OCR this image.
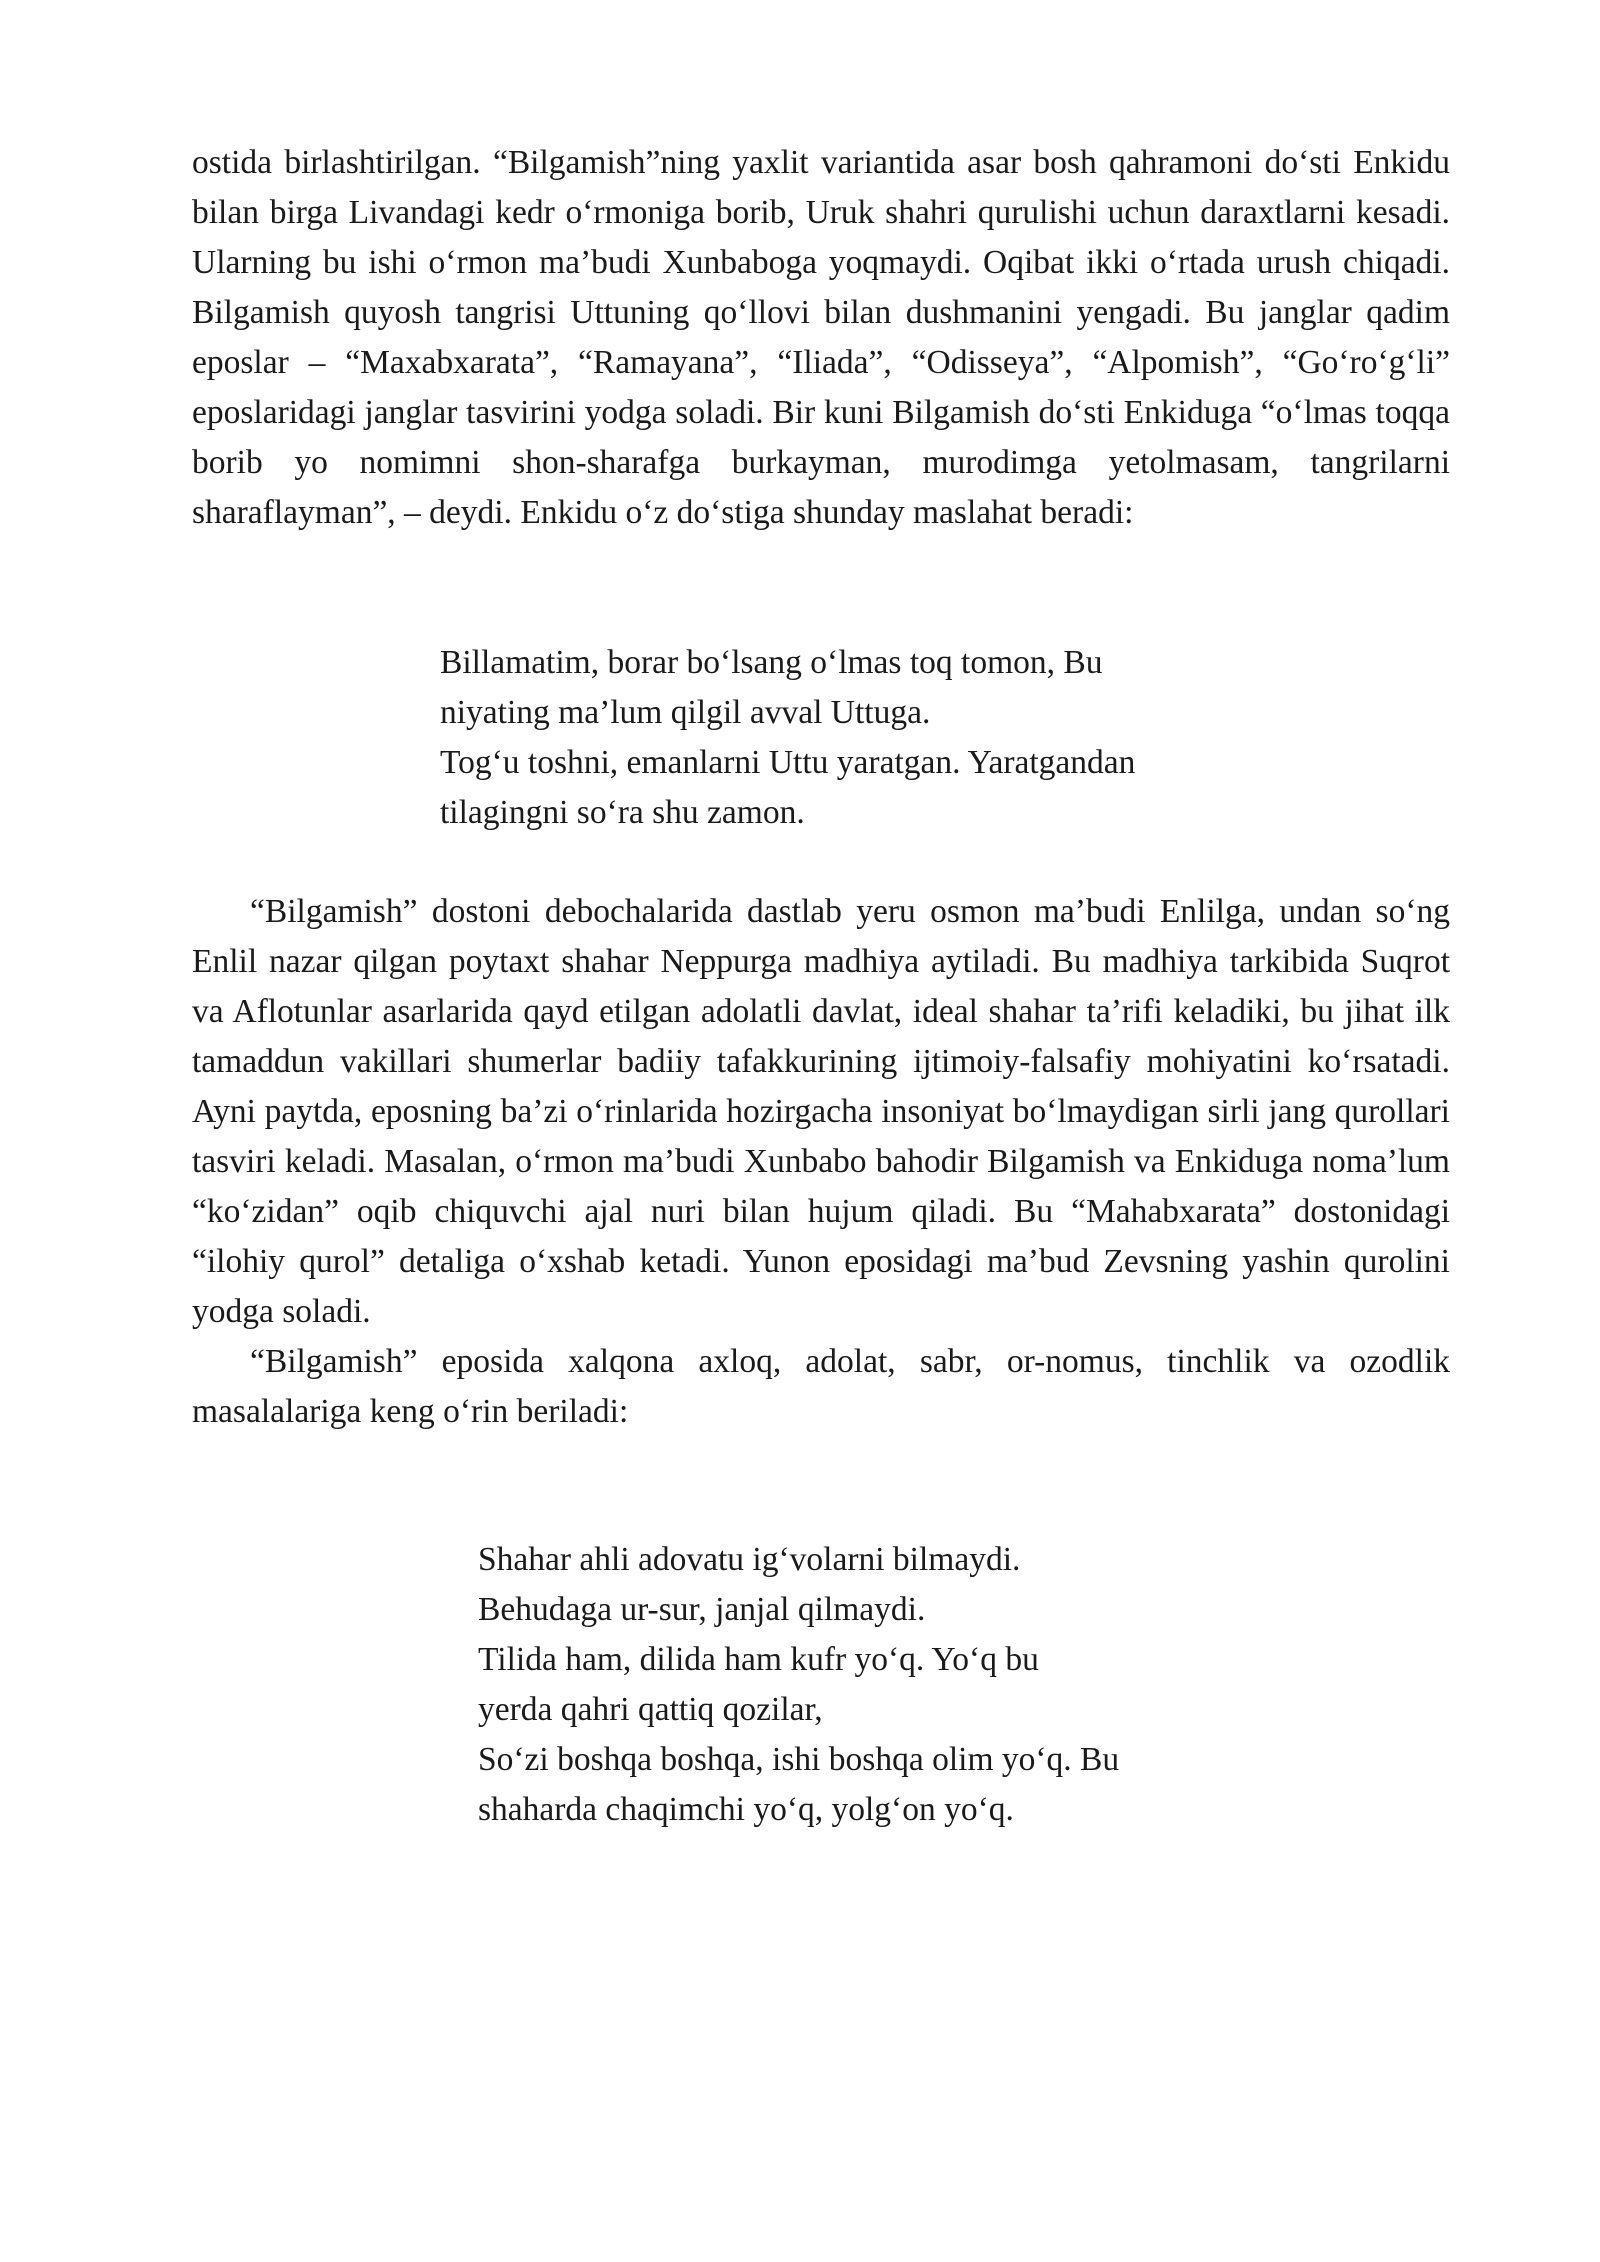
ostida birlashtirilgan. “Bilgamish”ning yaxlit variantida asar bosh qahramoni do‘sti Enkidu bilan birga Livandagi kedr o‘rmoniga borib, Uruk shahri qurulishi uchun daraxtlarni kesadi. Ularning bu ishi o‘rmon ma’budi Xunbaboga yoqmaydi. Oqibat ikki o‘rtada urush chiqadi. Bilgamish quyosh tangrisi Uttuning qo‘llovi bilan dushmanini yengadi. Bu janglar qadim eposlar – “Maxabxarata”, “Ramayana”, “Iliada”, “Odisseya”, “Alpomish”, “Go‘ro‘g‘li” eposlaridagi janglar tasvirini yodga soladi. Bir kuni Bilgamish do‘sti Enkiduga “o‘lmas toqqa borib yo nomimni shon-sharafga burkayman, murodimga yetolmasam, tangrilarni sharaflayman”, – deydi. Enkidu o‘z do‘stiga shunday maslahat beradi:

Billamatim, borar bo‘lsang o‘lmas toq tomon, Bu
niyating ma’lum qilgil avval Uttuga.
Tog‘u toshni, emanlarni Uttu yaratgan. Yaratgandan
tilagingni so‘ra shu zamon.

“Bilgamish” dostoni debochalarida dastlab yeru osmon ma’budi Enlilga, undan so‘ng Enlil nazar qilgan poytaxt shahar Neppurga madhiya aytiladi. Bu madhiya tarkibida Suqrot va Aflotunlar asarlarida qayd etilgan adolatli davlat, ideal shahar ta’rifi keladiki, bu jihat ilk tamaddun vakillari shumerlar badiiy tafakkurining ijtimoiy-falsafiy mohiyatini ko‘rsatadi. Ayni paytda, eposning ba’zi o‘rinlarida hozirgacha insoniyat bo‘lmaydigan sirli jang qurollari tasviri keladi. Masalan, o‘rmon ma’budi Xunbabo bahodir Bilgamish va Enkiduga noma’lum “ko‘zidan” oqib chiquvchi ajal nuri bilan hujum qiladi. Bu “Mahabxarata” dostonidagi “ilohiy qurol” detaliga o‘xshab ketadi. Yunon eposidagi ma’bud Zevsning yashin qurolini yodga soladi.

“Bilgamish” eposida xalqona axloq, adolat, sabr, or-nomus, tinchlik va ozodlik masalalariga keng o‘rin beriladi:

Shahar ahli adovatu ig‘volarni bilmaydi.
Behudaga ur-sur, janjal qilmaydi.
Tilida ham, dilida ham kufr yo‘q. Yo‘q bu
yerda qahri qattiq qozilar,
So‘zi boshqa boshqa, ishi boshqa olim yo‘q. Bu
shaharda chaqimchi yo‘q, yolg‘on yo‘q.
